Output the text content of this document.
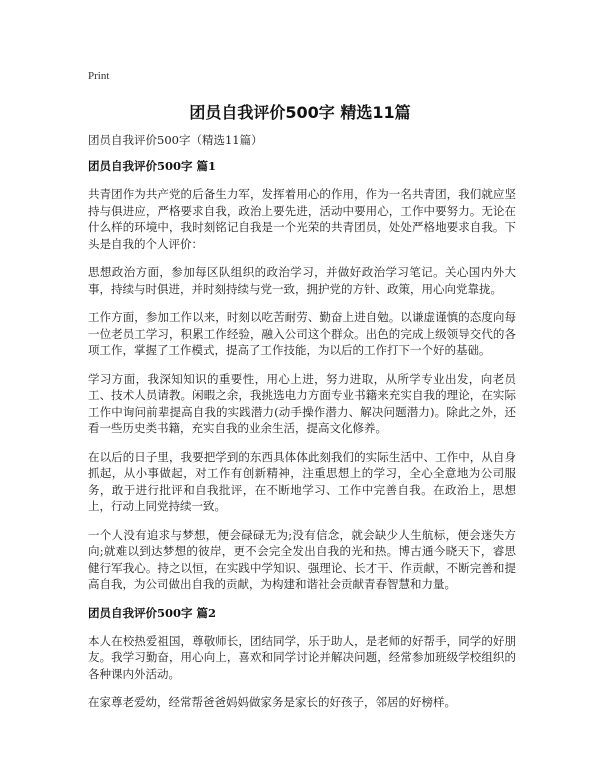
Print
团员自我评价500字 精选11篇

团员自我评价500字（精选11篇）

团员自我评价500字 篇1

共青团作为共产党的后备生力军，发挥着用心的作用，作为一名共青团，我们就应坚持与俱进应，严格要求自我，政治上要先进，活动中要用心，工作中要努力。无论在什么样的环境中，我时刻铭记自我是一个光荣的共青团员，处处严格地要求自我。下头是自我的个人评价：

思想政治方面，参加每区队组织的政治学习，并做好政治学习笔记。关心国内外大事，持续与时俱进，并时刻持续与党一致，拥护党的方针、政策，用心向党靠拢。

工作方面，参加工作以来，时刻以吃苦耐劳、勤奋上进自勉。以谦虚谨慎的态度向每一位老员工学习，积累工作经验，融入公司这个群众。出色的完成上级领导交代的各项工作，掌握了工作模式，提高了工作技能，为以后的工作打下一个好的基础。

学习方面，我深知知识的重要性，用心上进，努力进取，从所学专业出发，向老员工、技术人员请教。闲暇之余，我挑选电力方面专业书籍来充实自我的理论，在实际工作中询问前辈提高自我的实践潜力(动手操作潜力、解决问题潜力)。除此之外，还看一些历史类书籍，充实自我的业余生活，提高文化修养。

在以后的日子里，我要把学到的东西具体体此刻我们的实际生活中、工作中，从自身抓起，从小事做起，对工作有创新精神，注重思想上的学习，全心全意地为公司服务，敢于进行批评和自我批评，在不断地学习、工作中完善自我。在政治上，思想上，行动上同党持续一致。

一个人没有追求与梦想，便会碌碌无为;没有信念，就会缺少人生航标，便会迷失方向;就难以到达梦想的彼岸，更不会完全发出自我的光和热。博古通今晓天下，睿思健行军我心。持之以恒，在实践中学知识、强理论、长才干、作贡献，不断完善和提高自我，为公司做出自我的贡献，为构建和谐社会贡献青春智慧和力量。

团员自我评价500字 篇2

本人在校热爱祖国，尊敬师长，团结同学，乐于助人，是老师的好帮手，同学的好朋友。我学习勤奋，用心向上，喜欢和同学讨论并解决问题，经常参加班级学校组织的各种课内外活动。

在家尊老爱幼，经常帮爸爸妈妈做家务是家长的好孩子，邻居的好榜样。
